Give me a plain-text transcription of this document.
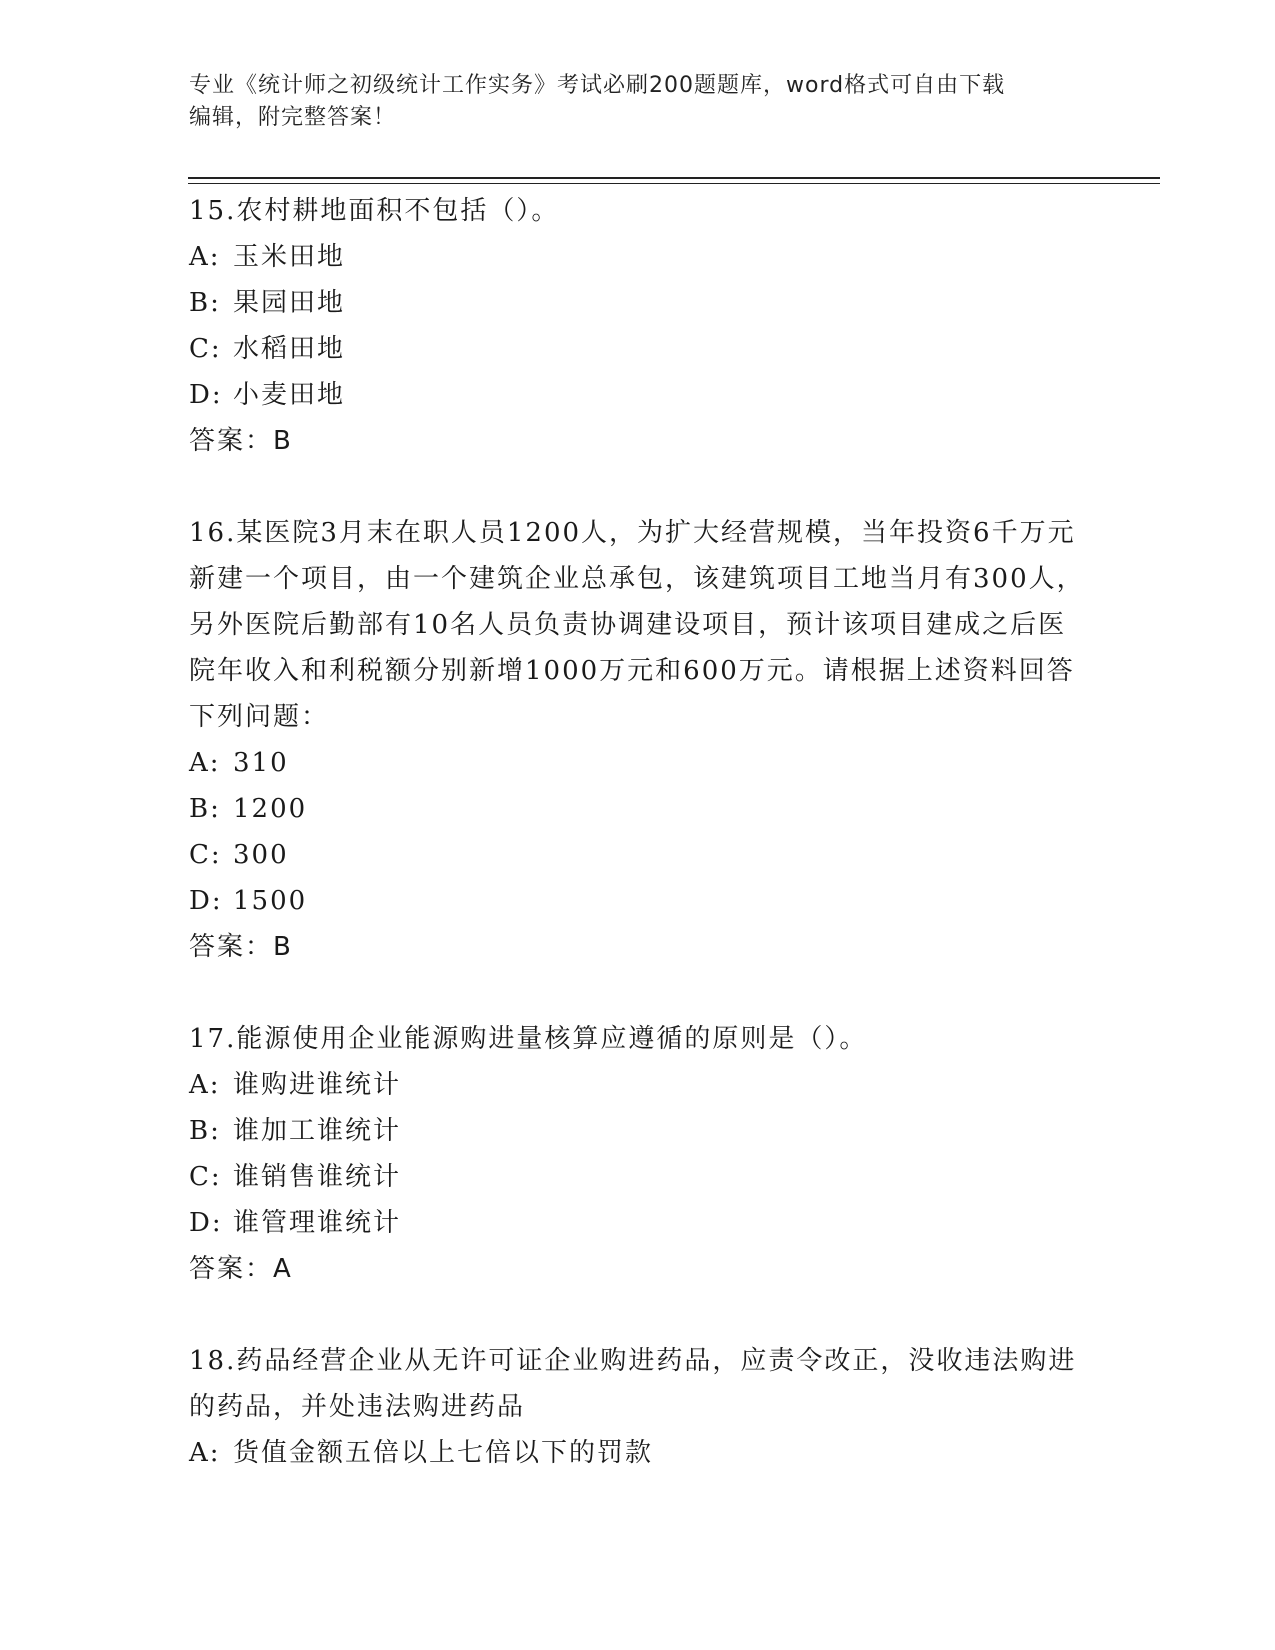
专业《统计师之初级统计工作实务》考试必刷200题题库，word格式可自由下载
编辑，附完整答案！
15.农村耕地面积不包括（）。
A: 玉米田地
B: 果园田地
C: 水稻田地
D: 小麦田地
答案：B
16.某医院3月末在职人员1200人，为扩大经营规模，当年投资6千万元新建一个项目，由一个建筑企业总承包，该建筑项目工地当月有300人，另外医院后勤部有10名人员负责协调建设项目，预计该项目建成之后医院年收入和利税额分别新增1000万元和600万元。请根据上述资料回答下列问题：
A: 310
B: 1200
C: 300
D: 1500
答案：B
17.能源使用企业能源购进量核算应遵循的原则是（）。
A: 谁购进谁统计
B: 谁加工谁统计
C: 谁销售谁统计
D: 谁管理谁统计
答案：A
18.药品经营企业从无许可证企业购进药品，应责令改正，没收违法购进的药品，并处违法购进药品
A: 货值金额五倍以上七倍以下的罚款
